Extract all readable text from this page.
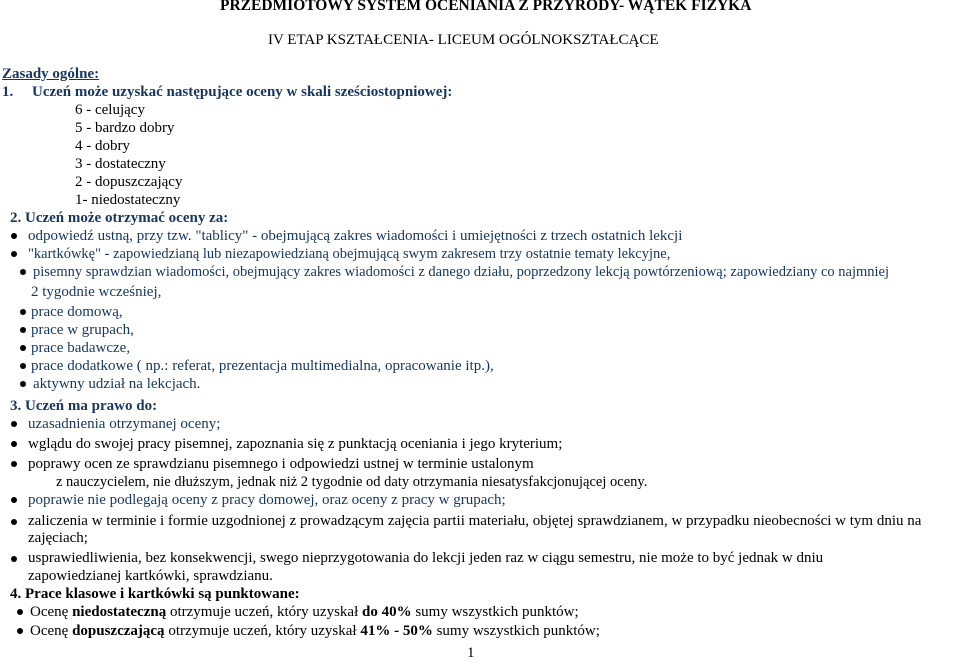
PRZEDMIOTOWY SYSTEM OCENIANIA Z PRZYRODY- WĄTEK FIZYKA
IV ETAP KSZTAŁCENIA- LICEUM OGÓLNOKSZTAŁCĄCE
Zasady ogólne:
1. Uczeń może uzyskać następujące oceny w skali sześciostopniowej:
6 - celujący
5 - bardzo dobry
4 - dobry
3 - dostateczny
2 - dopuszczający
1- niedostateczny
2. Uczeń może otrzymać oceny za:
odpowiedź ustną, przy tzw. "tablicy" - obejmującą zakres wiadomości i umiejętności z trzech ostatnich lekcji
"kartkówkę" - zapowiedzianą lub niezapowiedzianą obejmującą swym zakresem trzy ostatnie tematy lekcyjne,
pisemny sprawdzian wiadomości, obejmujący zakres wiadomości z danego działu, poprzedzony lekcją powtórzeniową; zapowiedziany co najmniej
2 tygodnie wcześniej,
prace domową,
prace w grupach,
prace badawcze,
prace dodatkowe ( np.: referat, prezentacja multimedialna, opracowanie itp.),
aktywny udział na lekcjach.
3. Uczeń ma prawo do:
uzasadnienia otrzymanej oceny;
wglądu do swojej pracy pisemnej, zapoznania się z punktacją oceniania i jego kryterium;
poprawy ocen ze sprawdzianu pisemnego i odpowiedzi ustnej w terminie ustalonym
z nauczycielem, nie dłuższym, jednak niż 2 tygodnie od daty otrzymania niesatysfakcjonującej oceny.
poprawie nie podlegają oceny z pracy domowej, oraz oceny z pracy w grupach;
zaliczenia w terminie i formie uzgodnionej z prowadzącym zajęcia partii materiału, objętej sprawdzianem, w przypadku nieobecności w tym dniu na
zajęciach;
usprawiedliwienia, bez konsekwencji, swego nieprzygotowania do lekcji jeden raz w ciągu semestru, nie może to być jednak w dniu
zapowiedzianej kartkówki, sprawdzianu.
4. Prace klasowe i kartkówki są punktowane:
Ocenę niedostateczną otrzymuje uczeń, który uzyskał do 40% sumy wszystkich punktów;
Ocenę dopuszczającą otrzymuje uczeń, który uzyskał 41% - 50% sumy wszystkich punktów;
1
